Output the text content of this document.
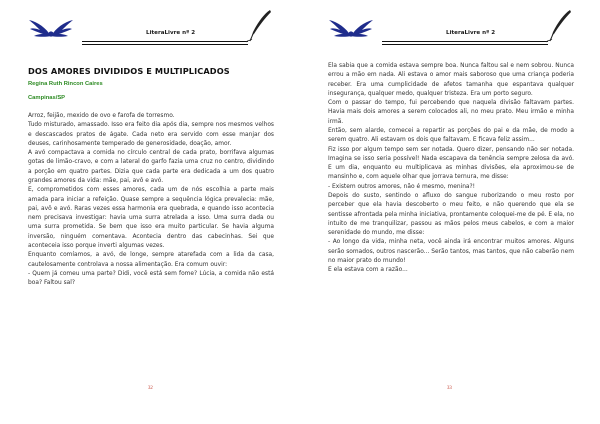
LiteraLivre nº 2
DOS AMORES DIVIDIDOS E MULTIPLICADOS
Regina Ruth Rincon Caires
Campinas/SP

Arroz, feijão, mexido de ovo e farofa de torresmo.

Tudo misturado, amassado. Isso era feito dia após dia, sempre nos mesmos velhos e descascados pratos de ágate. Cada neto era servido com esse manjar dos deuses, carinhosamente temperado de generosidade, doação, amor.

A avó compactava a comida no círculo central de cada prato, borrifava algumas gotas de limão-cravo, e com a lateral do garfo fazia uma cruz no centro, dividindo a porção em quatro partes. Dizia que cada parte era dedicada a um dos quatro grandes amores da vida: mãe, pai, avô e avó.

E, comprometidos com esses amores, cada um de nós escolhia a parte mais amada para iniciar a refeição. Quase sempre a sequência lógica prevalecia: mãe, pai, avô e avó. Raras vezes essa harmonia era quebrada, e quando isso acontecia nem precisava investigar: havia uma surra atrelada a isso. Uma surra dada ou uma surra prometida. Se bem que isso era muito particular. Se havia alguma inversão, ninguém comentava. Acontecia dentro das cabecinhas. Sei que aconteceia isso porque inverti algumas vezes.

Enquanto comíamos, a avó, de longe, sempre atarefada com a lida da casa, cautelosamente controlava a nossa alimentação. Era comum ouvir:

- Quem já comeu uma parte? Didi, você está sem fome? Lúcia, a comida não está boa? Faltou sal?

32
LiteraLivre nº 2

Ela sabia que a comida estava sempre boa. Nunca faltou sal e nem sobrou. Nunca errou a mão em nada. Ali estava o amor mais saboroso que uma criança poderia receber. Era uma cumplicidade de afetos tamanha que espantava qualquer insegurança, qualquer medo, qualquer tristeza. Era um porto seguro.

Com o passar do tempo, fui percebendo que naquela divisão faltavam partes. Havia mais dois amores a serem colocados ali, no meu prato. Meu irmão e minha irmã.

Então, sem alarde, comecei a repartir as porções do pai e da mãe, de modo a serem quatro. Ali estavam os dois que faltavam. E ficava feliz assim...

Fiz isso por algum tempo sem ser notada. Quero dizer, pensando não ser notada. Imagina se isso seria possível! Nada escapava da tenência sempre zelosa da avó. E um dia, enquanto eu multiplicava as minhas divisões, ela aproximou-se de mansinho e, com aquele olhar que jorrava ternura, me disse:

- Existem outros amores, não é mesmo, menina?!

Depois do susto, sentindo o afluxo do sangue ruborizando o meu rosto por perceber que ela havia descoberto o meu feito, e não querendo que ela se sentisse afrontada pela minha iniciativa, prontamente coloquei-me de pé. E ela, no intuito de me tranquilizar, passou as mãos pelos meus cabelos, e com a maior serenidade do mundo, me disse:

- Ao longo da vida, minha neta, você ainda irá encontrar muitos amores. Alguns serão somados, outros nascerão... Serão tantos, mas tantos, que não caberão nem no maior prato do mundo!

E ela estava com a razão...

33
